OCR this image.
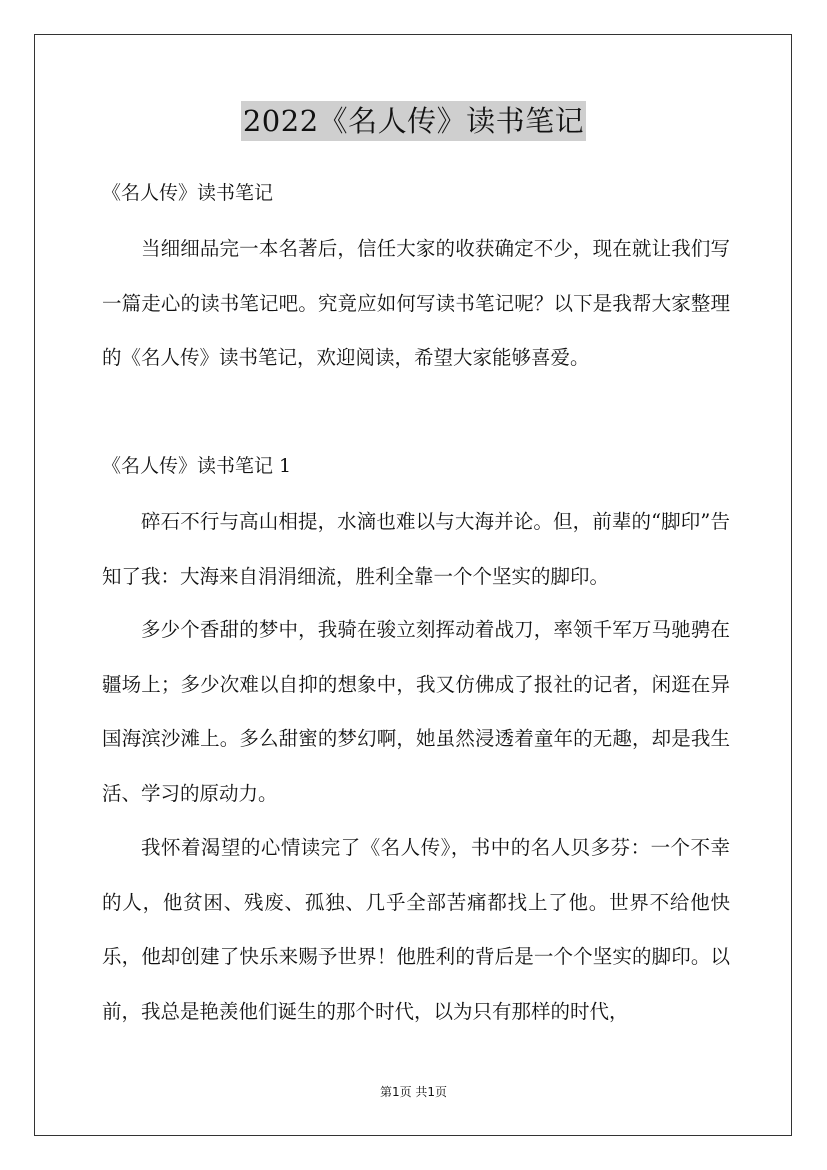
2022《名人传》读书笔记
《名人传》读书笔记

当细细品完一本名著后，信任大家的收获确定不少，现在就让我们写一篇走心的读书笔记吧。究竟应如何写读书笔记呢？以下是我帮大家整理的《名人传》读书笔记，欢迎阅读，希望大家能够喜爱。

《名人传》读书笔记 1

碎石不行与高山相提，水滴也难以与大海并论。但，前辈的“脚印”告知了我：大海来自涓涓细流，胜利全靠一个个坚实的脚印。

多少个香甜的梦中，我骑在骏立刻挥动着战刀，率领千军万马驰骋在疆场上；多少次难以自抑的想象中，我又仿佛成了报社的记者，闲逛在异国海滨沙滩上。多么甜蜜的梦幻啊，她虽然浸透着童年的无趣，却是我生活、学习的原动力。

我怀着渴望的心情读完了《名人传》，书中的名人贝多芬：一个不幸的人，他贫困、残废、孤独、几乎全部苦痛都找上了他。世界不给他快乐，他却创建了快乐来赐予世界！他胜利的背后是一个个坚实的脚印。以前，我总是艳羡他们诞生的那个时代，以为只有那样的时代，

第1页 共1页
